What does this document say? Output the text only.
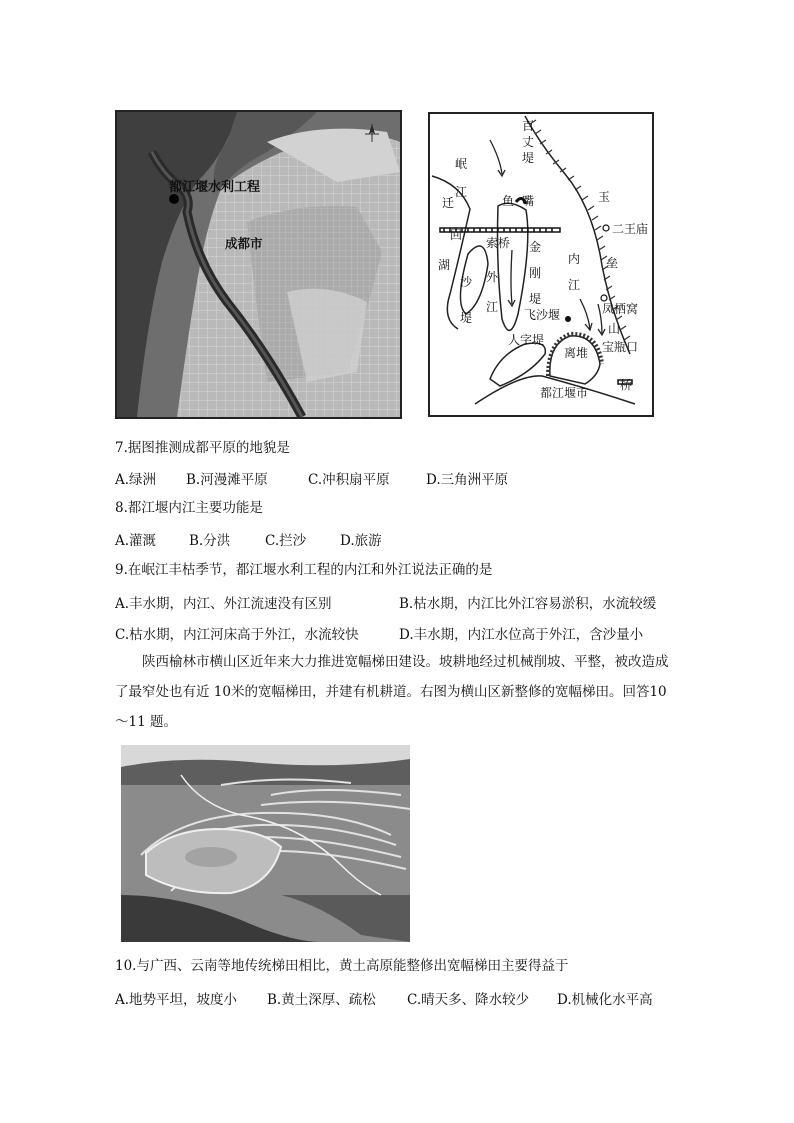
都江堰水利工程
成都市
百丈堤
岷江
鱼嘴	玉
二王庙
迁
回
索桥 金刚堤
湖
沙堤
外江
内江
垒
凤栖窝
山
宝瓶口
飞沙堰
人字堤
离堆
桥
都江堰市
7.据图推测成都平原的地貌是
A.绿洲 B.河漫滩平原	C.冲积扇平原	D.三角洲平原
8.都江堰内江主要功能是
A.灌溉 B.分洪	C.拦沙	D.旅游
9.在岷江丰枯季节，都江堰水利工程的内江和外江说法正确的是
A.丰水期，内江、外江流速没有区别	B.枯水期，内江比外江容易淤积，水流较缓
C.枯水期，内江河床高于外江，水流较快	D.丰水期，内江水位高于外江，含沙量小
陕西榆林市横山区近年来大力推进宽幅梯田建设。坡耕地经过机械削坡、平整，被改造成了最窄处也有近 10米的宽幅梯田，并建有机耕道。右图为横山区新整修的宽幅梯田。回答10～11 题。
10.与广西、云南等地传统梯田相比，黄土高原能整修出宽幅梯田主要得益于
A.地势平坦，坡度小 B.黄土深厚、疏松 C.晴天多、降水较少 D.机械化水平高
